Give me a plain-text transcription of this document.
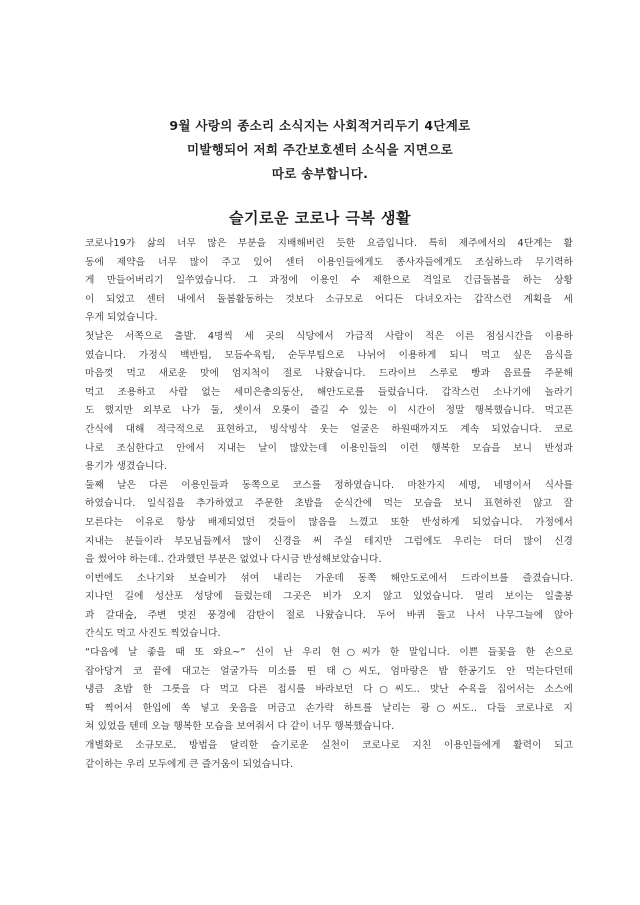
9월 사랑의 종소리 소식지는 사회적거리두기 4단계로
미발행되어 저희 주간보호센터 소식을 지면으로
따로 송부합니다.
슬기로운 코로나 극복 생활
코로나19가 삶의 너무 많은 부분을 지배해버린 듯한 요즘입니다. 특히 제주에서의 4단계는 활
동에 제약을 너무 많이 주고 있어 센터 이용인들에게도 종사자들에게도 조심하느라 무기력하
게 만들어버리기 일쑤였습니다. 그 과정에 이용인 수 제한으로 격일로 긴급돌봄을 하는 상황
이 되었고 센터 내에서 돌봄활동하는 것보다 소규모로 어디든 다녀오자는 갑작스런 계획을 세
우게 되었습니다.
첫날은 서쪽으로 출발. 4명씩 세 곳의 식당에서 가급적 사람이 적은 이른 점심시간을 이용하
였습니다. 가정식 백반팀, 모듬수육팀, 순두부팀으로 나뉘어 이용하게 되니 먹고 싶은 음식을
마음껏 먹고 새로운 맛에 엄지척이 절로 나왔습니다. 드라이브 스루로 빵과 음료를 주문해
먹고 조용하고 사람 없는 세미은총의동산, 해안도로를 들렀습니다. 갑작스런 소나기에 놀라기
도 했지만 외부로 나가 둘, 셋이서 오롯이 즐길 수 있는 이 시간이 정말 행복했습니다. 먹고픈
간식에 대해 적극적으로 표현하고, 빙삭빙삭 웃는 얼굴은 하원때까지도 계속 되었습니다. 코로
나로 조심한다고 안에서 지내는 날이 많았는데 이용인들의 이런 행복한 모습을 보니 반성과
용기가 생겼습니다.
둘째 날은 다른 이용인들과 동쪽으로 코스를 정하였습니다. 마찬가지 세명, 네명이서 식사를
하였습니다. 일식집을 추가하였고 주문한 초밥을 순식간에 먹는 모습을 보니 표현하진 않고 잘
모른다는 이유로 항상 배제되었던 것들이 많음을 느꼈고 또한 반성하게 되었습니다. 가정에서
지내는 분들이라 부모님들께서 많이 신경을 써 주실 테지만 그럼에도 우리는 더더 많이 신경
을 썼어야 하는데.. 간과했던 부분은 없었나 다시금 반성해보았습니다.
이번에도 소나기와 보슬비가 섞여 내리는 가운데 동쪽 해안도로에서 드라이브를 즐겼습니다.
지나던 길에 성산포 성당에 들렀는데 그곳은 비가 오지 않고 있었습니다. 멀리 보이는 일출봉
과 갈대숲, 주변 멋진 풍경에 감탄이 절로 나왔습니다. 두어 바퀴 돌고 나서 나무그늘에 앉아
간식도 먹고 사진도 찍었습니다.
“다음에 날 좋을 때 또 와요~” 신이 난 우리 현○씨가 한 말입니다. 이쁜 들꽃을 한 손으로
잡아당겨 코 끝에 대고는 얼굴가득 미소를 띤 태○씨도, 엄마랑은 밥 한공기도 안 먹는다던데
냉큼 초밥 한 그릇을 다 먹고 다른 접시를 바라보던 다○씨도.. 맛난 수육을 집어서는 소스에
딱 찍어서 한입에 쏙 넣고 웃음을 머금고 손가락 하트를 날리는 광○씨도.. 다들 코로나로 지
쳐 있었을 텐데 오늘 행복한 모습을 보여줘서 다 같이 너무 행복했습니다.
개별화로 소규모로. 방법을 달리한 슬기로운 실천이 코로나로 지친 이용인들에게 활력이 되고
같이하는 우리 모두에게 큰 즐거움이 되었습니다.
